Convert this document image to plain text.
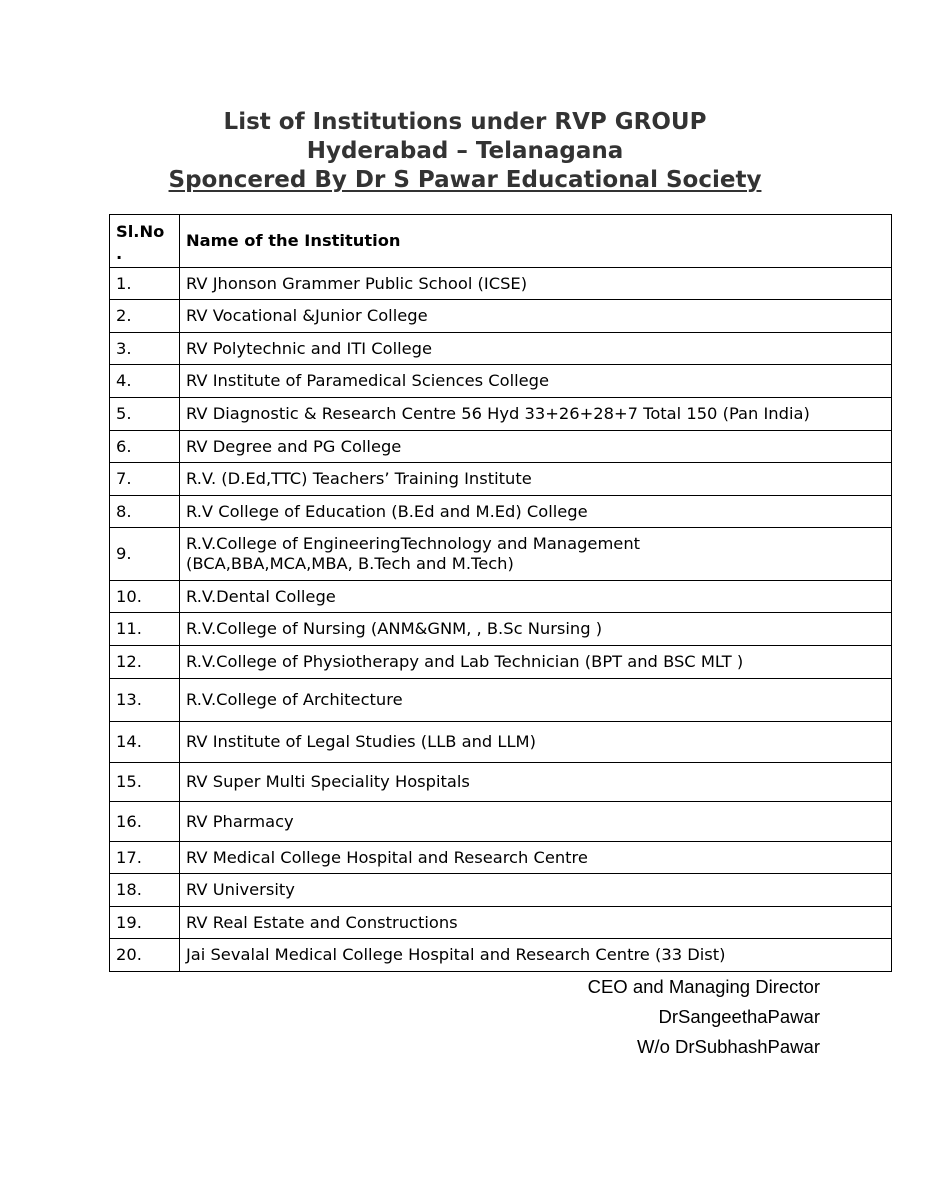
List of Institutions under RVP GROUP
Hyderabad – Telanagana
Sponcered By Dr S Pawar Educational Society
Sl.No .	Name of the Institution
1.	RV Jhonson Grammer Public School (ICSE)
2.	RV Vocational &Junior College
3.	RV Polytechnic and ITI College
4.	RV Institute of Paramedical Sciences College
5.	RV Diagnostic & Research Centre 56 Hyd 33+26+28+7 Total 150 (Pan India)
6.	RV Degree and PG College
7.	R.V. (D.Ed,TTC) Teachers’ Training Institute
8.	R.V College of Education (B.Ed and M.Ed) College
9.	R.V.College of EngineeringTechnology and Management
(BCA,BBA,MCA,MBA, B.Tech and M.Tech)

10.	R.V.Dental College
11.	R.V.College of Nursing (ANM&GNM, , B.Sc Nursing )
12.	R.V.College of Physiotherapy and Lab Technician (BPT and BSC MLT )
13.	R.V.College of Architecture
14.	RV Institute of Legal Studies (LLB and LLM)
15.	RV Super Multi Speciality Hospitals
16.	RV Pharmacy
17.	RV Medical College Hospital and Research Centre
18.	RV University
19.	RV Real Estate and Constructions
20.	Jai Sevalal Medical College Hospital and Research Centre (33 Dist)
CEO and Managing Director
DrSangeethaPawar
W/o DrSubhashPawar
